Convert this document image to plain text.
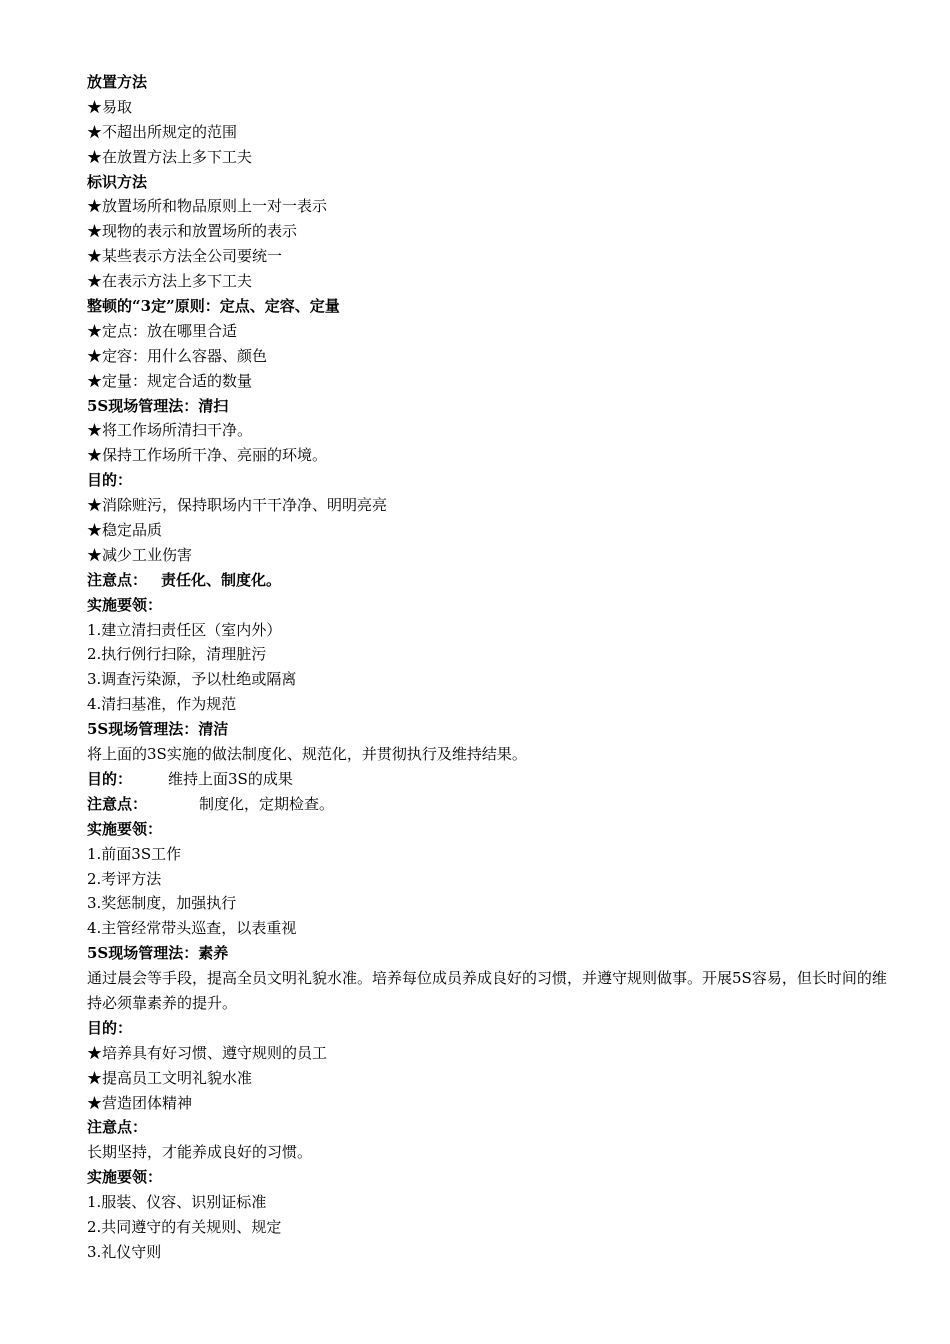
放置方法
★易取
★不超出所规定的范围
★在放置方法上多下工夫
标识方法
★放置场所和物品原则上一对一表示
★现物的表示和放置场所的表示
★某些表示方法全公司要统一
★在表示方法上多下工夫
整顿的“3定”原则：定点、定容、定量
★定点：放在哪里合适
★定容：用什么容器、颜色
★定量：规定合适的数量
5S现场管理法：清扫
★将工作场所清扫干净。
★保持工作场所干净、亮丽的环境。
目的：
★消除赃污，保持职场内干干净净、明明亮亮
★稳定品质
★减少工业伤害
注意点： 责任化、制度化。
实施要领：
1.建立清扫责任区（室内外）
2.执行例行扫除，清理脏污
3.调查污染源，予以杜绝或隔离
4.清扫基准，作为规范
5S现场管理法：清洁
将上面的3S实施的做法制度化、规范化，并贯彻执行及维持结果。
目的： 维持上面3S的成果
注意点：	制度化，定期检查。
实施要领：
1.前面3S工作
2.考评方法
3.奖惩制度，加强执行
4.主管经常带头巡查，以表重视
5S现场管理法：素养
通过晨会等手段，提高全员文明礼貌水准。培养每位成员养成良好的习惯，并遵守规则做事。开展5S容易，但长时间的维持必须靠素养的提升。
目的：
★培养具有好习惯、遵守规则的员工
★提高员工文明礼貌水准
★营造团体精神
注意点：
长期坚持，才能养成良好的习惯。
实施要领：
1.服装、仪容、识别证标准
2.共同遵守的有关规则、规定
3.礼仪守则
